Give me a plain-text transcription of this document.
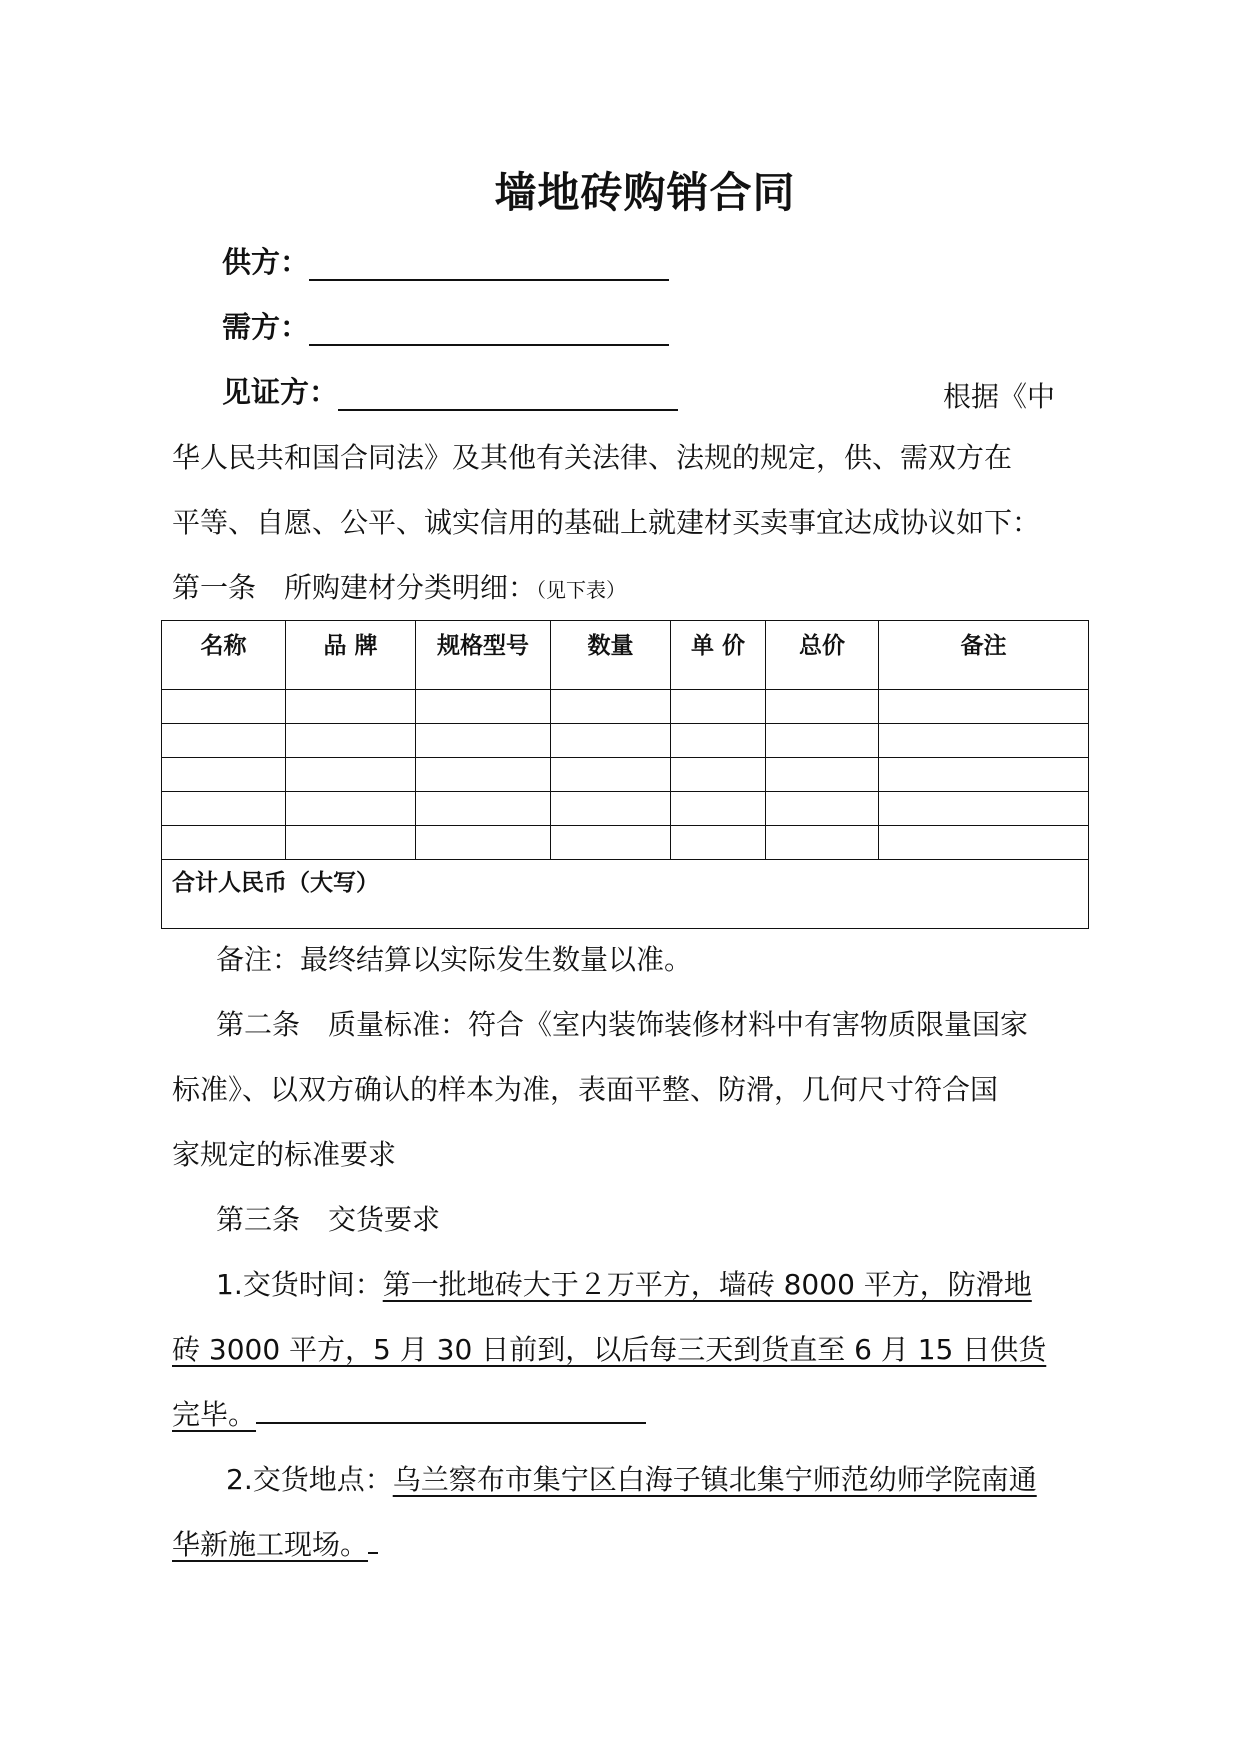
墙地砖购销合同
供方：
需方：
见证方：	根据《中
华人民共和国合同法》及其他有关法律、法规的规定，供、需双方在
平等、自愿、公平、诚实信用的基础上就建材买卖事宜达成协议如下：
第一条　所购建材分类明细：（见下表）
名称	品 牌	规格型号	数量	单 价	总价	备注

合计人民币（大写）						
备注：最终结算以实际发生数量以准。
第二条　质量标准：符合《室内装饰装修材料中有害物质限量国家
标准》、以双方确认的样本为准，表面平整、防滑，几何尺寸符合国
家规定的标准要求
第三条　交货要求
1.交货时间：第一批地砖大于２万平方，墙砖 8000 平方，防滑地
砖 3000 平方，5 月 30 日前到，以后每三天到货直至 6 月 15 日供货
完毕。
2.交货地点：乌兰察布市集宁区白海子镇北集宁师范幼师学院南通
华新施工现场。
